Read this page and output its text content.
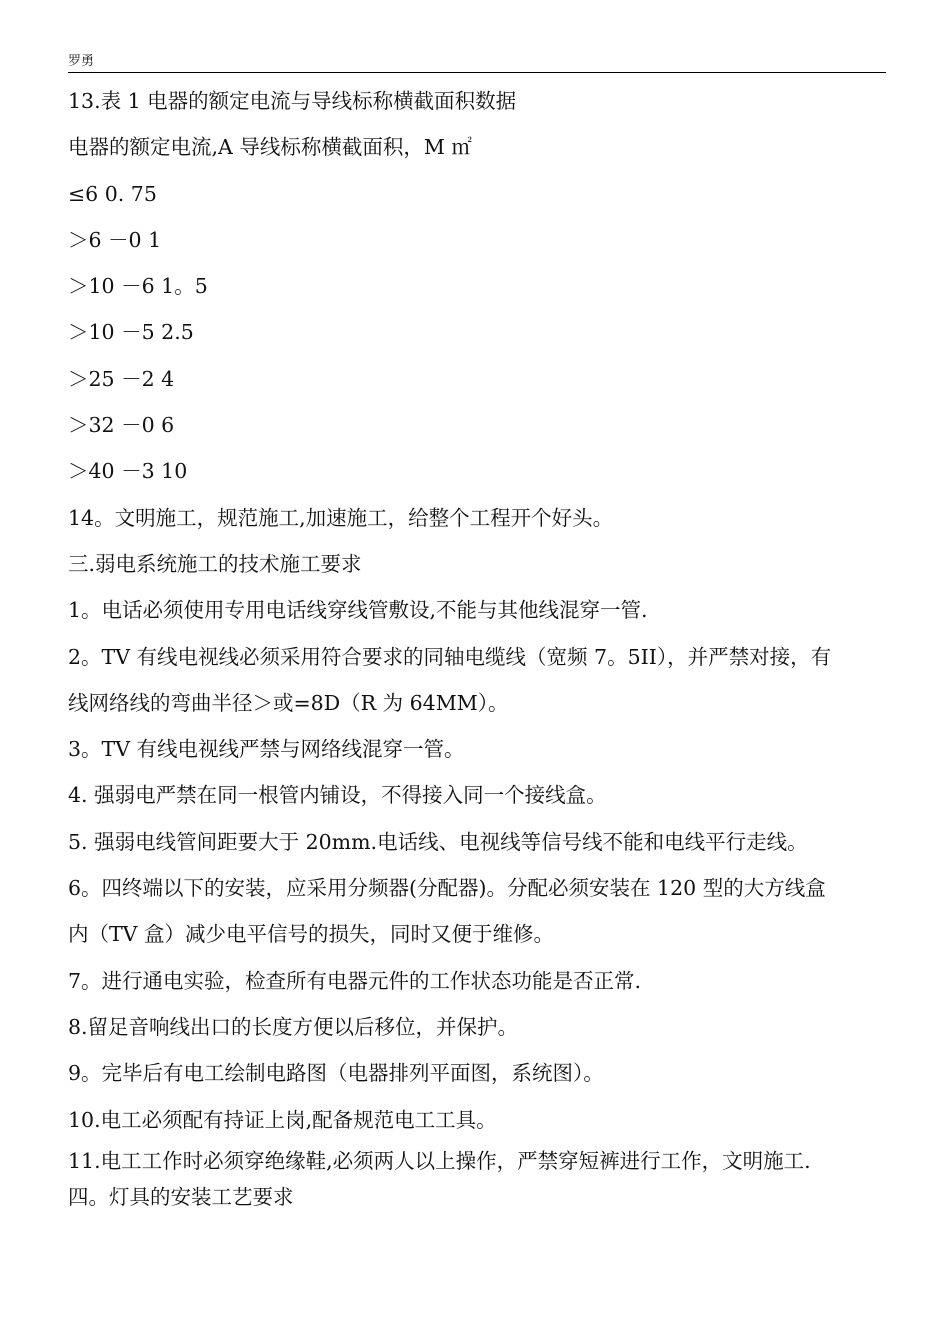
罗勇
13.表 1 电器的额定电流与导线标称横截面积数据
电器的额定电流,A 导线标称横截面积，M ㎡
≤6 0. 75
＞6 －0 1
＞10 －6 1。5
＞10 －5 2.5
＞25 －2 4
＞32 －0 6
＞40 －3 10
14。文明施工，规范施工,加速施工，给整个工程开个好头。
三.弱电系统施工的技术施工要求
1。电话必须使用专用电话线穿线管敷设,不能与其他线混穿一管.
2。TV 有线电视线必须采用符合要求的同轴电缆线（宽频 7。5II），并严禁对接，有
线网络线的弯曲半径＞或=8D（R 为 64MM）。
3。TV 有线电视线严禁与网络线混穿一管。
4. 强弱电严禁在同一根管内铺设，不得接入同一个接线盒。
5. 强弱电线管间距要大于 20mm.电话线、电视线等信号线不能和电线平行走线。
6。四终端以下的安装，应采用分频器(分配器)。分配必须安装在 120 型的大方线盒
内（TV 盒）减少电平信号的损失，同时又便于维修。
7。进行通电实验，检查所有电器元件的工作状态功能是否正常.
8.留足音响线出口的长度方便以后移位，并保护。
9。完毕后有电工绘制电路图（电器排列平面图，系统图）。
10.电工必须配有持证上岗,配备规范电工工具。
11.电工工作时必须穿绝缘鞋,必须两人以上操作，严禁穿短裤进行工作，文明施工.
四。灯具的安装工艺要求
